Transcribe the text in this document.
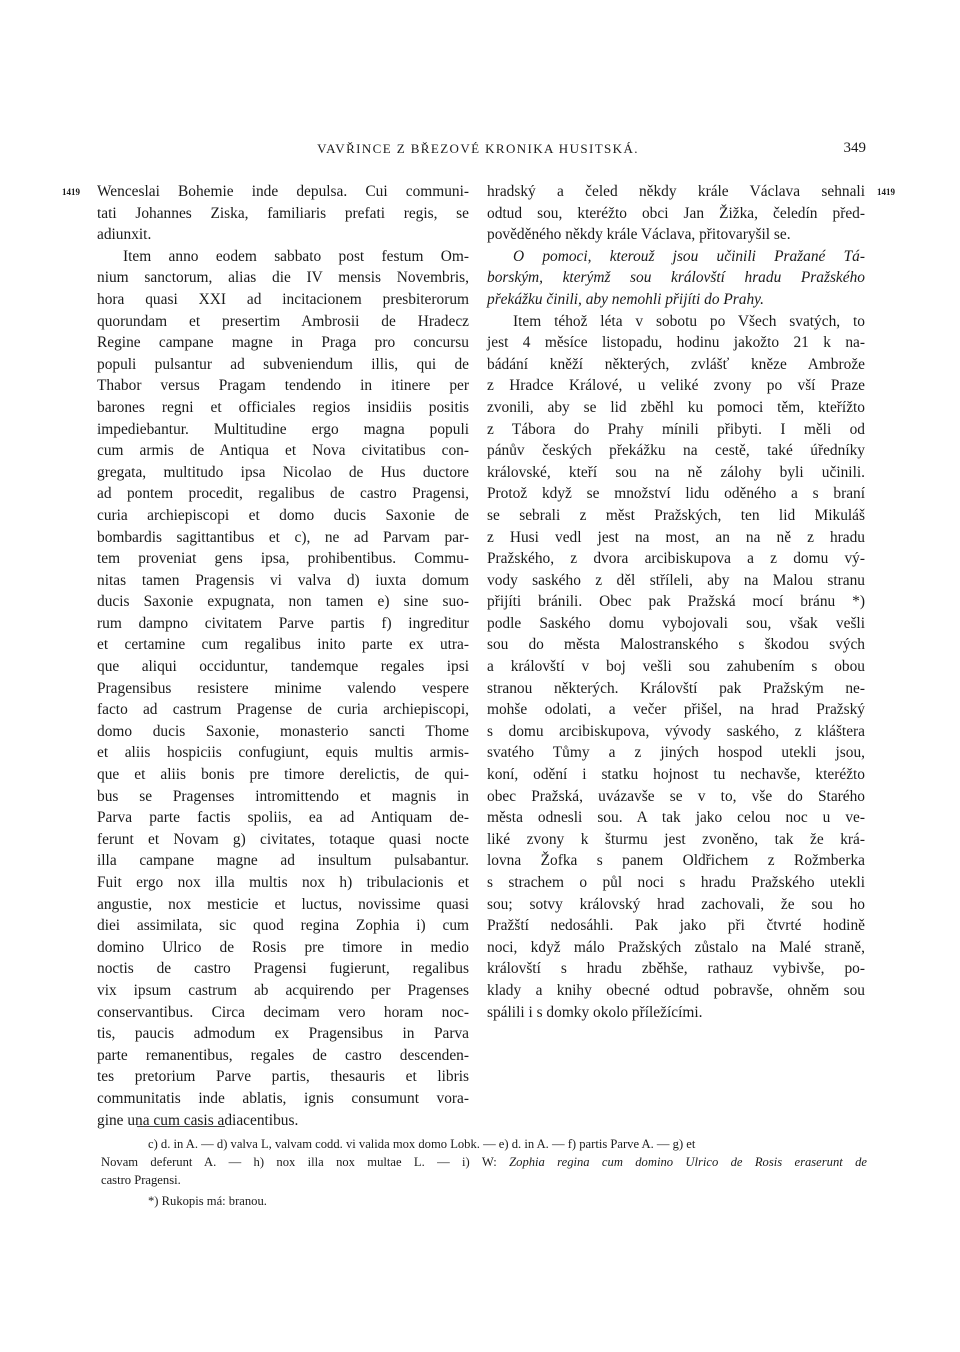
VAVŘINCE Z BŘEZOVÉ KRONIKA HUSITSKÁ.	349
1419	1419
Wenceslai Bohemie inde depulsa. Cui communi-
tati Johannes Ziska, familiaris prefati regis, se
adiunxit.
Item anno eodem sabbato post festum Om-
nium sanctorum, alias die IV mensis Novembris,
hora quasi XXI ad incitacionem presbiterorum
quorundam et presertim Ambrosii de Hradecz
Regine campane magne in Praga pro concursu
populi pulsantur ad subveniendum illis, qui de
Thabor versus Pragam tendendo in itinere per
barones regni et officiales regios insidiis positis
impediebantur. Multitudine ergo magna populi
cum armis de Antiqua et Nova civitatibus con-
gregata, multitudo ipsa Nicolao de Hus ductore
ad pontem procedit, regalibus de castro Pragensi,
curia archiepiscopi et domo ducis Saxonie de
bombardis sagittantibus et c), ne ad Parvam par-
tem proveniat gens ipsa, prohibentibus. Commu-
nitas tamen Pragensis vi valva d) iuxta domum
ducis Saxonie expugnata, non tamen e) sine suo-
rum dampno civitatem Parve partis f) ingreditur
et certamine cum regalibus inito parte ex utra-
que aliqui occiduntur, tandemque regales ipsi
Pragensibus resistere minime valendo vespere
facto ad castrum Pragense de curia archiepiscopi,
domo ducis Saxonie, monasterio sancti Thome
et aliis hospiciis confugiunt, equis multis armis-
que et aliis bonis pre timore derelictis, de qui-
bus se Pragenses intromittendo et magnis in
Parva parte factis spoliis, ea ad Antiquam de-
ferunt et Novam g) civitates, totaque quasi nocte
illa campane magne ad insultum pulsabantur.
Fuit ergo nox illa multis nox h) tribulacionis et
angustie, nox mesticie et luctus, novissime quasi
diei assimilata, sic quod regina Zophia i) cum
domino Ulrico de Rosis pre timore in medio
noctis de castro Pragensi fugierunt, regalibus
vix ipsum castrum ab acquirendo per Pragenses
conservantibus. Circa decimam vero horam noc-
tis, paucis admodum ex Pragensibus in Parva
parte remanentibus, regales de castro descenden-
tes pretorium Parve partis, thesauris et libris
communitatis inde ablatis, ignis consumunt vora-
gine una cum casis adiacentibus.
hradský a čeled někdy krále Václava sehnali
odtud sou, kteréžto obci Jan Žižka, čeledín před-
pověděného někdy krále Václava, přitovaryšil se.
O pomoci, kterouž jsou učinili Pražané Tá-
borským, kterýmž sou královští hradu Pražského
překážku činili, aby nemohli přijíti do Prahy.
Item téhož léta v sobotu po Všech svatých, to
jest 4 měsíce listopadu, hodinu jakožto 21 k na-
bádání kněží některých, zvlášť kněze Ambrože
z Hradce Králové, u veliké zvony po vší Praze
zvonili, aby se lid zběhl ku pomoci těm, kteřížto
z Tábora do Prahy mínili přibyti. I měli od
pánův českých překážku na cestě, také úředníky
královské, kteří sou na ně zálohy byli učinili.
Protož když se množství lidu oděného a s braní
se sebrali z měst Pražských, ten lid Mikuláš
z Husi vedl jest na most, an na ně z hradu
Pražského, z dvora arcibiskupova a z domu vý-
vody saského z děl stříleli, aby na Malou stranu
přijíti bránili. Obec pak Pražská mocí bránu *)
podle Saského domu vybojovali sou, však vešli
sou do města Malostranského s škodou svých
a královští v boj vešli sou zahubením s obou
stranou některých. Královští pak Pražským ne-
mohše odolati, a večer přišel, na hrad Pražský
s domu arcibiskupova, vývody saského, z kláštera
svatého Tůmy a z jiných hospod utekli jsou,
koní, odění i statku hojnost tu nechavše, kteréžto
obec Pražská, uvázavše se v to, vše do Starého
města odnesli sou. A tak jako celou noc u ve-
liké zvony k šturmu jest zvoněno, tak že krá-
lovna Žofka s panem Oldřichem z Rožmberka
s strachem o půl noci s hradu Pražského utekli
sou; sotvy královský hrad zachovali, že sou ho
Pražští nedosáhli. Pak jako při čtvrté hodině
noci, když málo Pražských zůstalo na Malé straně,
královští s hradu zběhše, rathauz vybivše, po-
klady a knihy obecné odtud pobravše, ohněm sou
spálili i s domky okolo příležícími.
c) d. in A. — d) valva L, valvam codd. vi valida mox domo Lobk. — e) d. in A. — f) partis Parve A. — g) et
Novam deferunt A. — h) nox illa nox multae L. — i) W: Zophia regina cum domino Ulrico de Rosis eraserunt de
castro Pragensi.
*) Rukopis má: branou.
